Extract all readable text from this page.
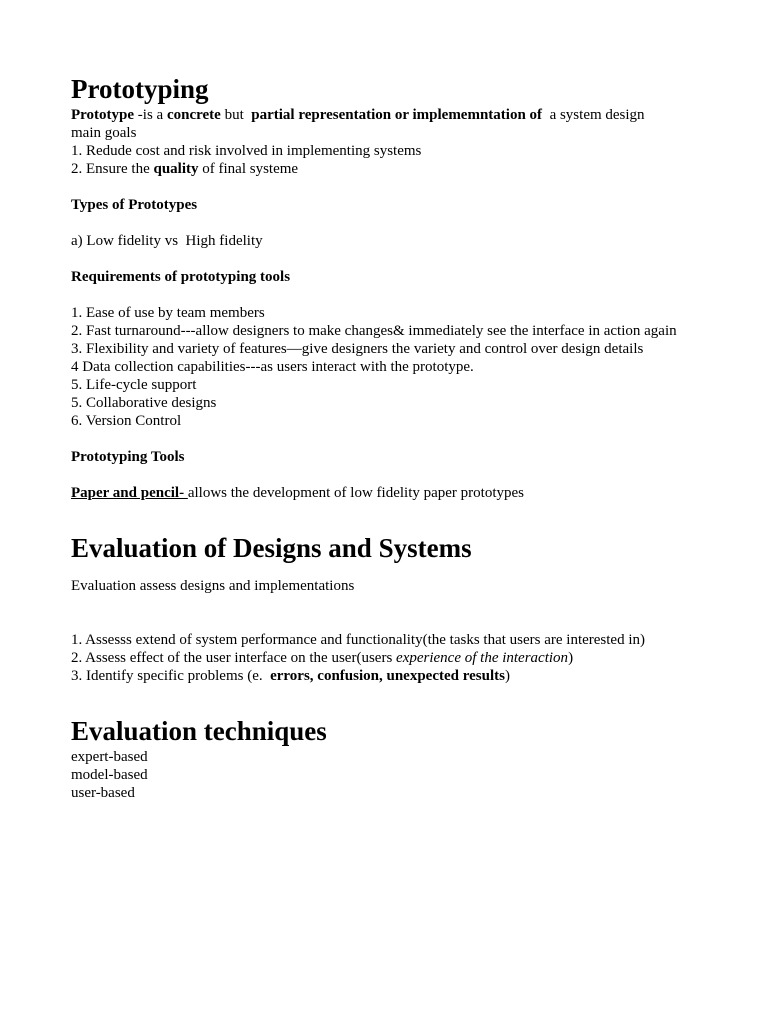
Prototyping

Prototype -is a concrete but  partial representation or implememntation of  a system design

main goals

1. Redude cost and risk involved in implementing systems

2. Ensure the quality of final systeme

Types of Prototypes

a) Low fidelity vs  High fidelity

Requirements of prototyping tools

1. Ease of use by team members

2. Fast turnaround---allow designers to make changes& immediately see the interface in action again

3. Flexibility and variety of features—give designers the variety and control over design details

4 Data collection capabilities---as users interact with the prototype.

5. Life-cycle support

5. Collaborative designs

6. Version Control

Prototyping Tools

Paper and pencil- allows the development of low fidelity paper prototypes

Evaluation of Designs and Systems

Evaluation assess designs and implementations

1. Assesss extend of system performance and functionality(the tasks that users are interested in)

2. Assess effect of the user interface on the user(users experience of the interaction)

3. Identify specific problems (e.  errors, confusion, unexpected results)

Evaluation techniques

expert-based

model-based

user-based
